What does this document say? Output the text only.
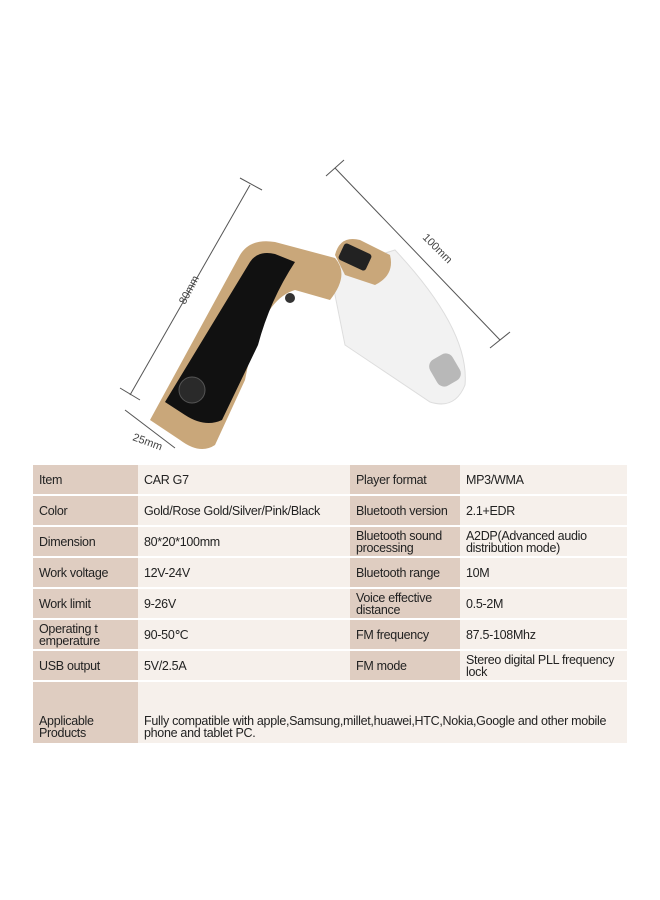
80mm
100mm
25mm
Item	CAR G7	Player format	MP3/WMA
Color	Gold/Rose Gold/Silver/Pink/Black	Bluetooth version	2.1+EDR
Dimension	80*20*100mm	Bluetooth sound processing	A2DP(Advanced audio distribution mode)
Work voltage	12V-24V	Bluetooth range	10M
Work limit	9-26V	Voice effective distance	0.5-2M
Operating t emperature	90-50℃	FM frequency	87.5-108Mhz
USB output	5V/2.5A	FM mode	Stereo digital PLL frequency lock
Applicable Products	Fully compatible with apple,Samsung,millet,huawei,HTC,Nokia,Google and other mobile phone and tablet PC.		
